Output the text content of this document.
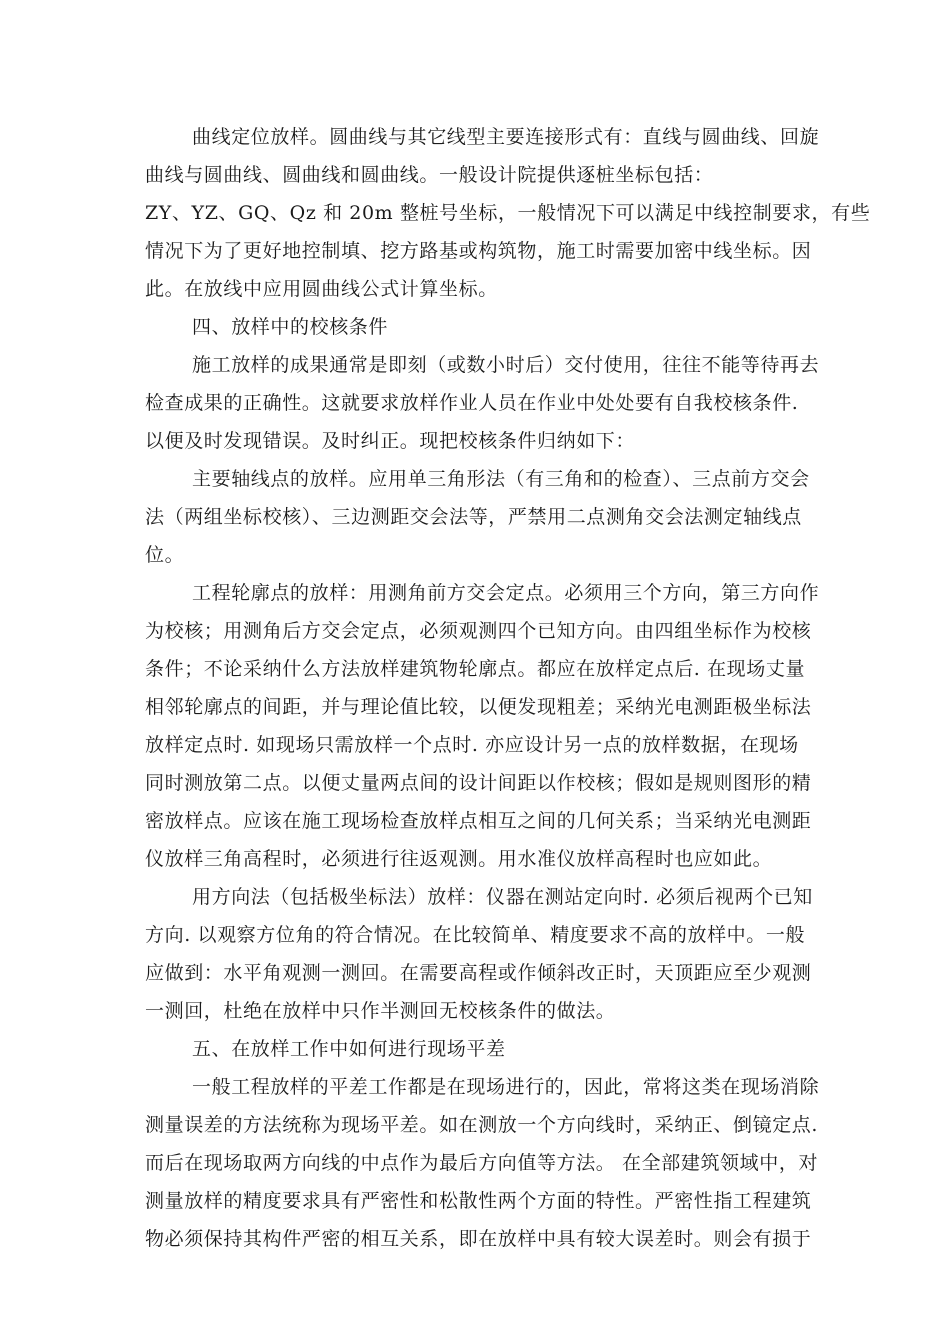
曲线定位放样。圆曲线与其它线型主要连接形式有：直线与圆曲线、回旋
曲线与圆曲线、圆曲线和圆曲线。一般设计院提供逐桩坐标包括：
ZY、YZ、GQ、Qz 和 20m 整桩号坐标，一般情况下可以满足中线控制要求，有些
情况下为了更好地控制填、挖方路基或构筑物，施工时需要加密中线坐标。因
此。在放线中应用圆曲线公式计算坐标。
四、放样中的校核条件
施工放样的成果通常是即刻（或数小时后）交付使用，往往不能等待再去
检查成果的正确性。这就要求放样作业人员在作业中处处要有自我校核条件.
以便及时发现错误。及时纠正。现把校核条件归纳如下：
主要轴线点的放样。应用单三角形法（有三角和的检查）、三点前方交会
法（两组坐标校核）、三边测距交会法等，严禁用二点测角交会法测定轴线点
位。
工程轮廓点的放样：用测角前方交会定点。必须用三个方向，第三方向作
为校核；用测角后方交会定点，必须观测四个已知方向。由四组坐标作为校核
条件；不论采纳什么方法放样建筑物轮廓点。都应在放样定点后. 在现场丈量
相邻轮廓点的间距，并与理论值比较，以便发现粗差；采纳光电测距极坐标法
放样定点时. 如现场只需放样一个点时. 亦应设计另一点的放样数据，在现场
同时测放第二点。以便丈量两点间的设计间距以作校核；假如是规则图形的精
密放样点。应该在施工现场检查放样点相互之间的几何关系；当采纳光电测距
仪放样三角高程时，必须进行往返观测。用水准仪放样高程时也应如此。
用方向法（包括极坐标法）放样：仪器在测站定向时. 必须后视两个已知
方向. 以观察方位角的符合情况。在比较简单、精度要求不高的放样中。一般
应做到：水平角观测一测回。在需要高程或作倾斜改正时，天顶距应至少观测
一测回，杜绝在放样中只作半测回无校核条件的做法。
五、在放样工作中如何进行现场平差
一般工程放样的平差工作都是在现场进行的，因此，常将这类在现场消除
测量误差的方法统称为现场平差。如在测放一个方向线时，采纳正、倒镜定点.
而后在现场取两方向线的中点作为最后方向值等方法。 在全部建筑领域中，对
测量放样的精度要求具有严密性和松散性两个方面的特性。严密性指工程建筑
物必须保持其构件严密的相互关系，即在放样中具有较大误差时。则会有损于
